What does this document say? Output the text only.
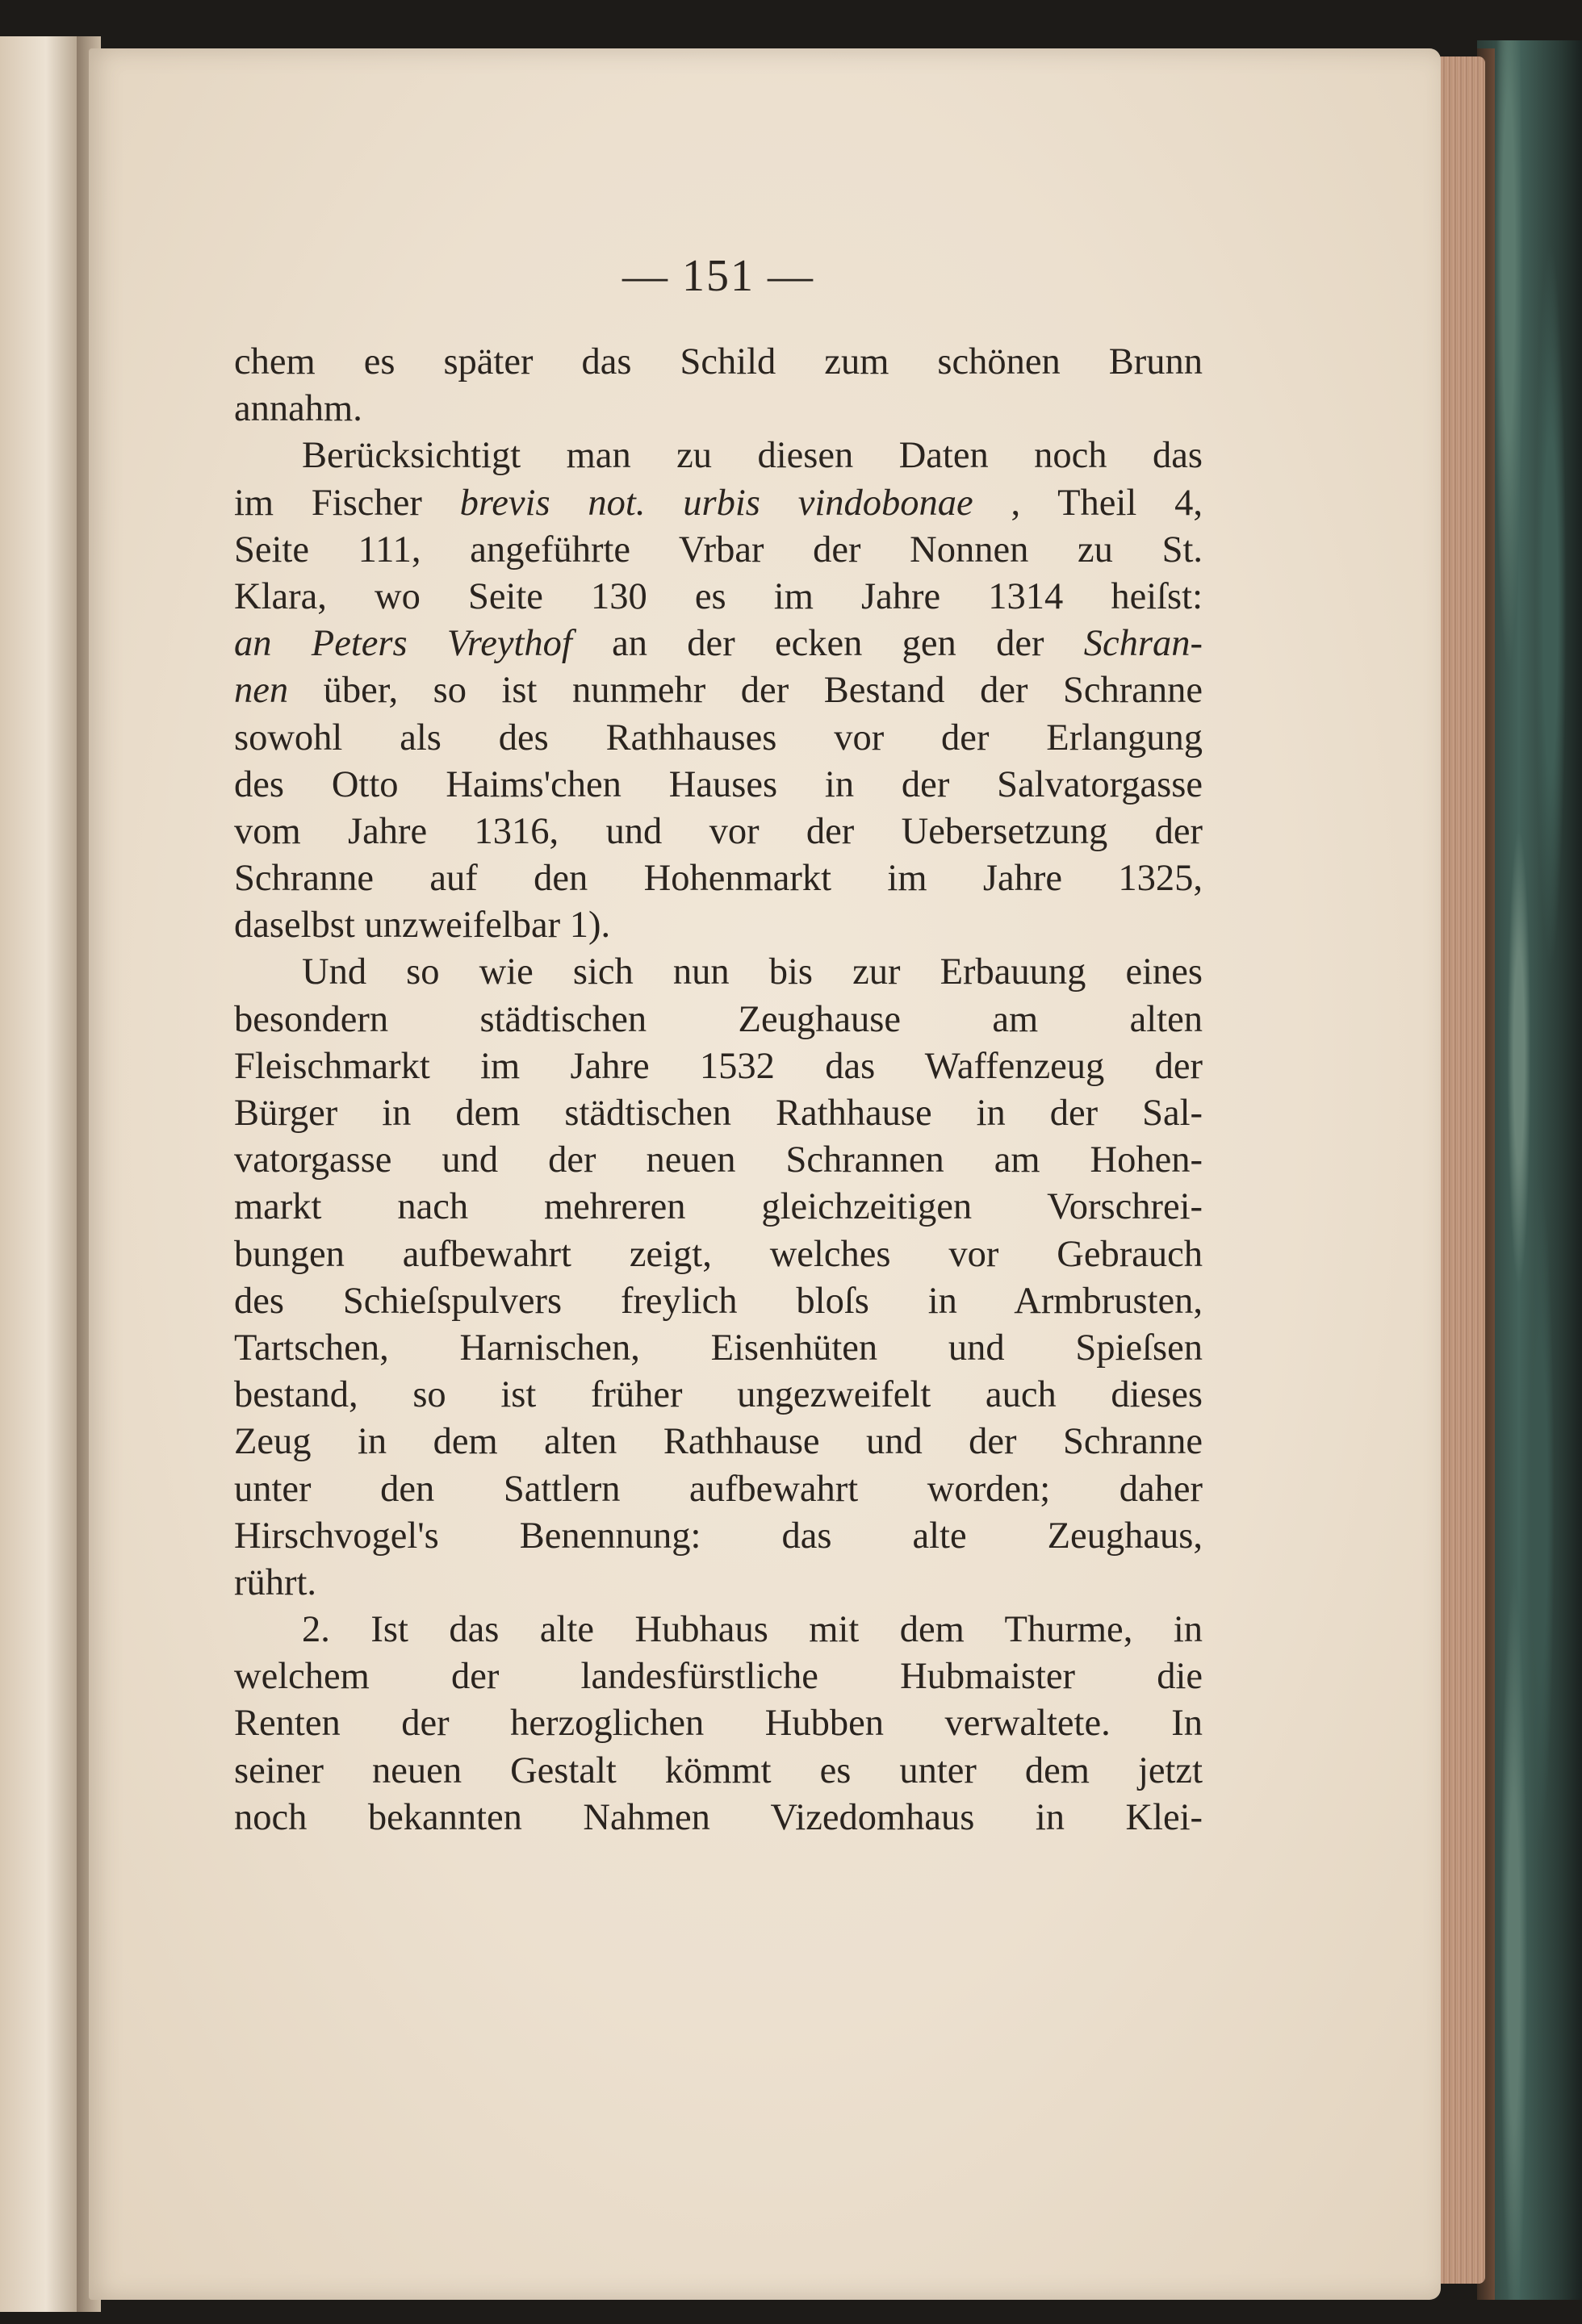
— 151 —
chem es später das Schild zum schönen Brunn
annahm.
Berücksichtigt man zu diesen Daten noch das
im Fischer brevis not. urbis vindobonae , Theil 4,
Seite 111, angeführte Vrbar der Nonnen zu St.
Klara, wo Seite 130 es im Jahre 1314 heiſst:
an Peters Vreythof an der ecken gen der Schran-
nen über, so ist nunmehr der Bestand der Schranne
sowohl als des Rathhauses vor der Erlangung
des Otto Haims'chen Hauses in der Salvatorgasse
vom Jahre 1316, und vor der Uebersetzung der
Schranne auf den Hohenmarkt im Jahre 1325,
daselbst unzweifelbar 1).
Und so wie sich nun bis zur Erbauung eines
besondern städtischen Zeughause am alten
Fleischmarkt im Jahre 1532 das Waffenzeug der
Bürger in dem städtischen Rathhause in der Sal-
vatorgasse und der neuen Schrannen am Hohen-
markt nach mehreren gleichzeitigen Vorschrei-
bungen aufbewahrt zeigt, welches vor Gebrauch
des Schieſspulvers freylich bloſs in Armbrusten,
Tartschen, Harnischen, Eisenhüten und Spieſsen
bestand, so ist früher ungezweifelt auch dieses
Zeug in dem alten Rathhause und der Schranne
unter den Sattlern aufbewahrt worden; daher
Hirschvogel's Benennung: das alte Zeughaus,
rührt.
2. Ist das alte Hubhaus mit dem Thurme, in
welchem der landesfürstliche Hubmaister die
Renten der herzoglichen Hubben verwaltete. In
seiner neuen Gestalt kömmt es unter dem jetzt
noch bekannten Nahmen Vizedomhaus in Klei-
